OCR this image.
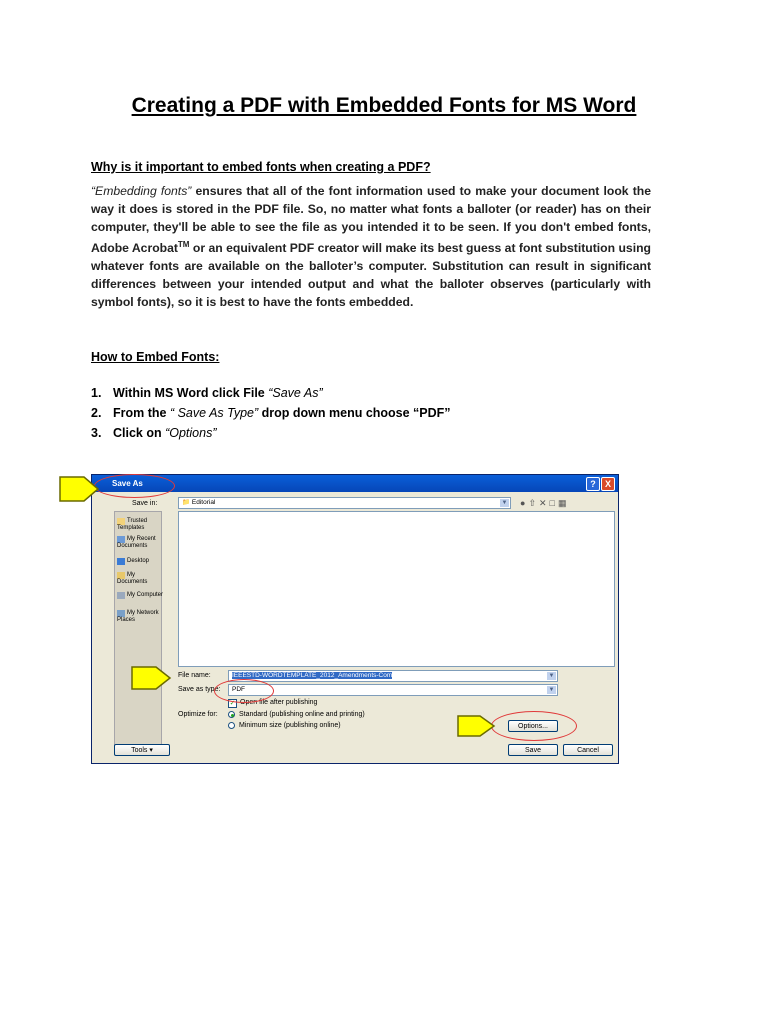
Creating a PDF with Embedded Fonts for MS Word

Why is it important to embed fonts when creating a PDF?

“Embedding fonts” ensures that all of the font information used to make your document look the way it does is stored in the PDF file. So, no matter what fonts a balloter (or reader) has on their computer, they'll be able to see the file as you intended it to be seen. If you don't embed fonts, Adobe Acrobat™ or an equivalent PDF creator will make its best guess at font substitution using whatever fonts are available on the balloter’s computer. Substitution can result in significant differences between your intended output and what the balloter observes (particularly with symbol fonts), so it is best to have the fonts embedded.

How to Embed Fonts:

1. Within MS Word click File “Save As”
2. From the “ Save As Type” drop down menu choose “PDF”
3. Click on “Options”
Save As	?	X
Save in:	📁 Editorial	▼ ●⇧✕□▦
Trusted Templates
My Recent Documents
Desktop
My Documents
My Computer
My Network Places
File name:	IEEESTD-WORDTEMPLATE_2012_Amendments-Com	▼
Save as type:	PDF	▼
✓ Open file after publishing
Optimize for:	Standard (publishing online and printing)
Minimum size (publishing online)	Options...
Tools ▾	Save	Cancel
